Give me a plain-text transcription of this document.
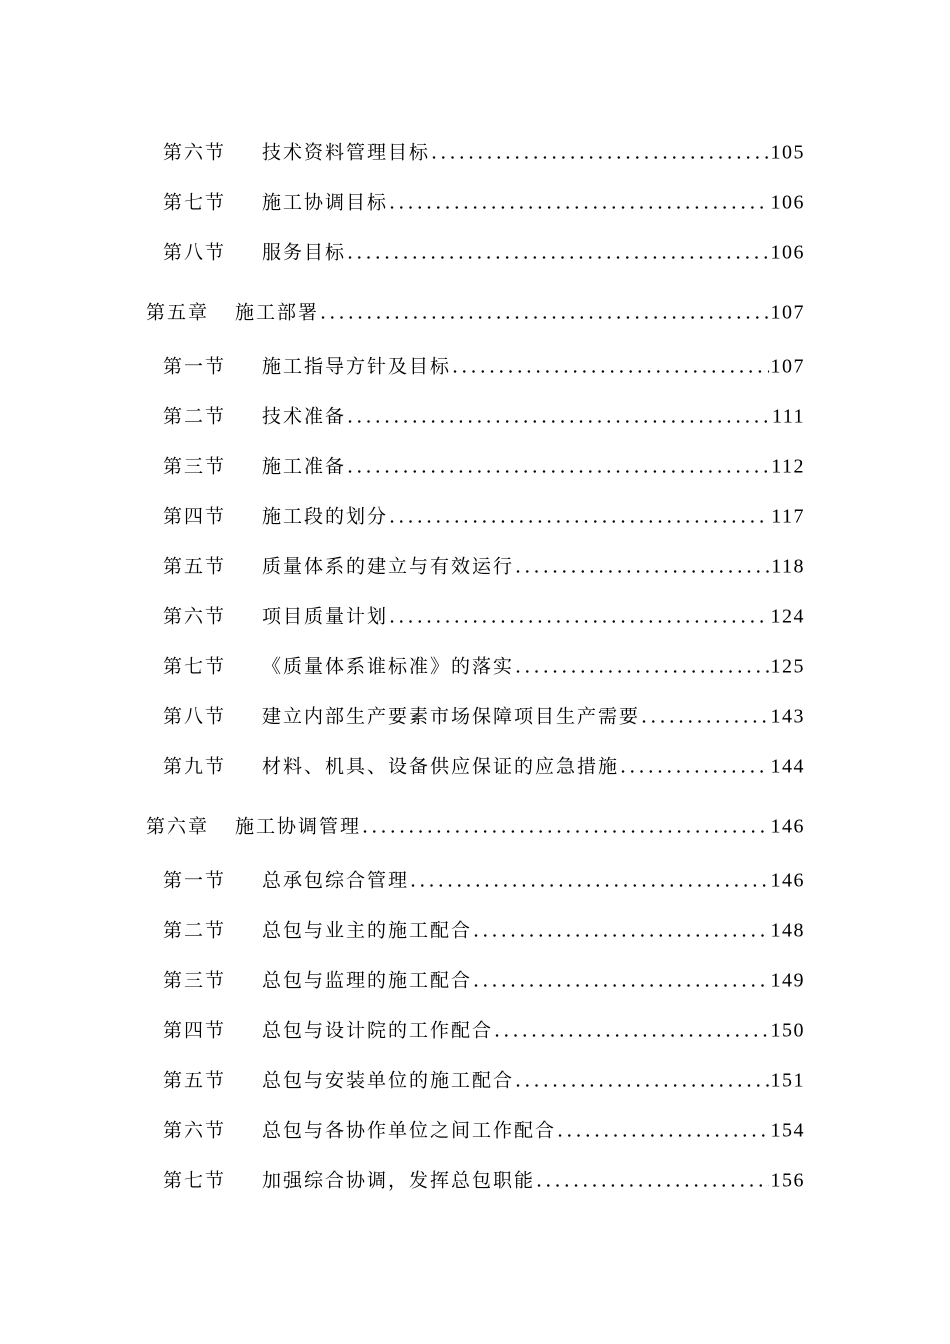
第六节 技术资料管理目标 .....	105
第七节 施工协调目标 .....	106
第八节 服务目标 .....	106
第五章 施工部署 .....	107
第一节 施工指导方针及目标 .....	107
第二节 技术准备 .....	111
第三节 施工准备 .....	112
第四节 施工段的划分 .....	117
第五节 质量体系的建立与有效运行 .....	118
第六节 项目质量计划 .....	124
第七节 《质量体系谁标准》的落实 .....	125
第八节 建立内部生产要素市场保障项目生产需要 .....	143
第九节 材料、机具、设备供应保证的应急措施 .....	144
第六章 施工协调管理 .....	146
第一节 总承包综合管理 .....	146
第二节 总包与业主的施工配合 .....	148
第三节 总包与监理的施工配合 .....	149
第四节 总包与设计院的工作配合 .....	150
第五节 总包与安装单位的施工配合 .....	151
第六节 总包与各协作单位之间工作配合 .....	154
第七节 加强综合协调，发挥总包职能 .....	156
